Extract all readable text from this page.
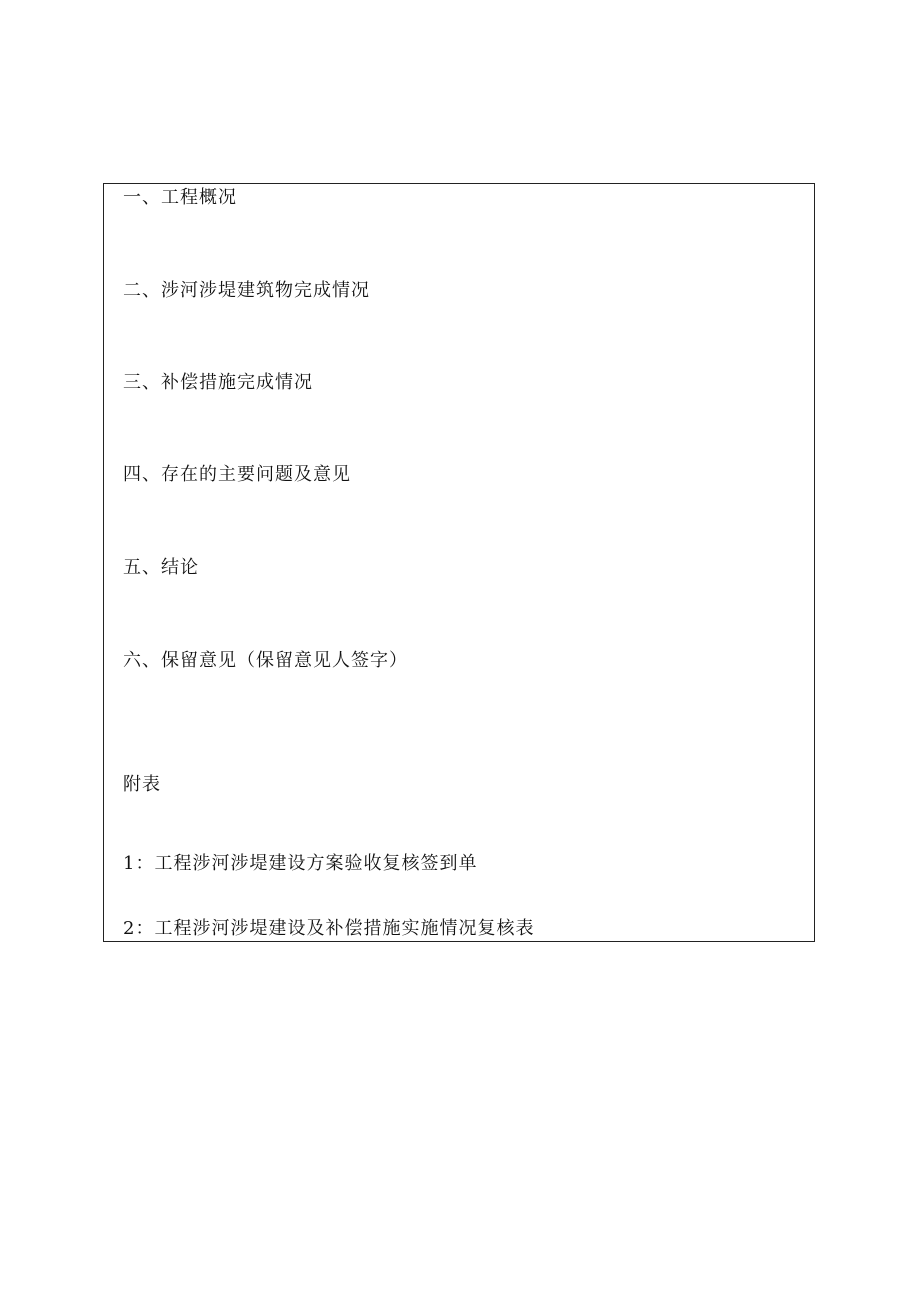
一、工程概况
二、涉河涉堤建筑物完成情况
三、补偿措施完成情况
四、存在的主要问题及意见
五、结论
六、保留意见（保留意见人签字）
附表
1：工程涉河涉堤建设方案验收复核签到单
2：工程涉河涉堤建设及补偿措施实施情况复核表
